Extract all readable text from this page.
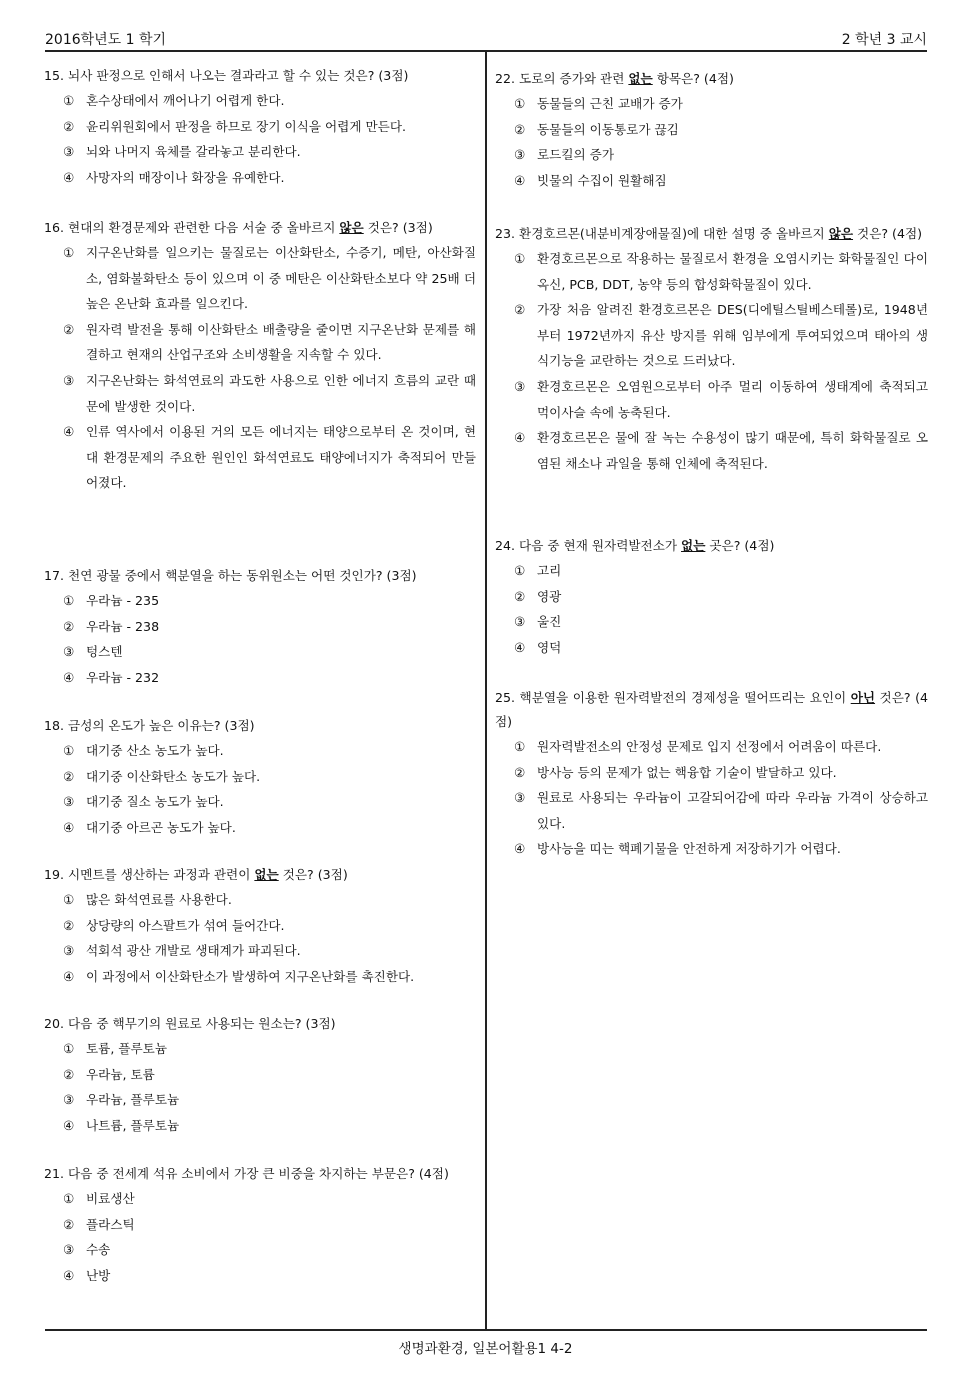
2016학년도 1 학기	2 학년 3 교시

15. 뇌사 판정으로 인해서 나오는 결과라고 할 수 있는 것은? (3점)

① 혼수상태에서 깨어나기 어렵게 한다.
② 윤리위원회에서 판정을 하므로 장기 이식을 어렵게 만든다.
③ 뇌와 나머지 육체를 갈라놓고 분리한다.
④ 사망자의 매장이나 화장을 유예한다.

16. 현대의 환경문제와 관련한 다음 서술 중 올바르지 않은 것은? (3점)

① 지구온난화를 일으키는 물질로는 이산화탄소, 수증기, 메탄, 아산화질소, 염화불화탄소 등이 있으며 이 중 메탄은 이산화탄소보다 약 25배 더 높은 온난화 효과를 일으킨다.
② 원자력 발전을 통해 이산화탄소 배출량을 줄이면 지구온난화 문제를 해결하고 현재의 산업구조와 소비생활을 지속할 수 있다.
③ 지구온난화는 화석연료의 과도한 사용으로 인한 에너지 흐름의 교란 때문에 발생한 것이다.
④ 인류 역사에서 이용된 거의 모든 에너지는 태양으로부터 온 것이며, 현대 환경문제의 주요한 원인인 화석연료도 태양에너지가 축적되어 만들어졌다.

17. 천연 광물 중에서 핵분열을 하는 동위원소는 어떤 것인가? (3점)

① 우라늄 - 235
② 우라늄 - 238
③ 텅스텐
④ 우라늄 - 232

18. 금성의 온도가 높은 이유는? (3점)

① 대기중 산소 농도가 높다.
② 대기중 이산화탄소 농도가 높다.
③ 대기중 질소 농도가 높다.
④ 대기중 아르곤 농도가 높다.

19. 시멘트를 생산하는 과정과 관련이 없는 것은? (3점)

① 많은 화석연료를 사용한다.
② 상당량의 아스팔트가 섞여 들어간다.
③ 석회석 광산 개발로 생태계가 파괴된다.
④ 이 과정에서 이산화탄소가 발생하여 지구온난화를 촉진한다.

20. 다음 중 핵무기의 원료로 사용되는 원소는? (3점)

① 토륨, 플루토늄
② 우라늄, 토륨
③ 우라늄, 플루토늄
④ 나트륨, 플루토늄

21. 다음 중 전세계 석유 소비에서 가장 큰 비중을 차지하는 부문은? (4점)

① 비료생산
② 플라스틱
③ 수송
④ 난방

22. 도로의 증가와 관련 없는 항목은? (4점)

① 동물들의 근친 교배가 증가
② 동물들의 이동통로가 끊김
③ 로드킬의 증가
④ 빗물의 수집이 원활해짐

23. 환경호르몬(내분비계장애물질)에 대한 설명 중 올바르지 않은 것은? (4점)

① 환경호르몬으로 작용하는 물질로서 환경을 오염시키는 화학물질인 다이옥신, PCB, DDT, 농약 등의 합성화학물질이 있다.
② 가장 처음 알려진 환경호르몬은 DES(디에틸스틸베스테롤)로, 1948년부터 1972년까지 유산 방지를 위해 임부에게 투여되었으며 태아의 생식기능을 교란하는 것으로 드러났다.
③ 환경호르몬은 오염원으로부터 아주 멀리 이동하여 생태계에 축적되고 먹이사슬 속에 농축된다.
④ 환경호르몬은 물에 잘 녹는 수용성이 많기 때문에, 특히 화학물질로 오염된 채소나 과일을 통해 인체에 축적된다.

24. 다음 중 현재 원자력발전소가 없는 곳은? (4점)

① 고리
② 영광
③ 울진
④ 영덕

25. 핵분열을 이용한 원자력발전의 경제성을 떨어뜨리는 요인이 아닌 것은? (4점)

① 원자력발전소의 안정성 문제로 입지 선정에서 어려움이 따른다.
② 방사능 등의 문제가 없는 핵융합 기술이 발달하고 있다.
③ 원료로 사용되는 우라늄이 고갈되어감에 따라 우라늄 가격이 상승하고 있다.
④ 방사능을 띠는 핵폐기물을 안전하게 저장하기가 어렵다.
생명과환경, 일본어활용1 4-2
